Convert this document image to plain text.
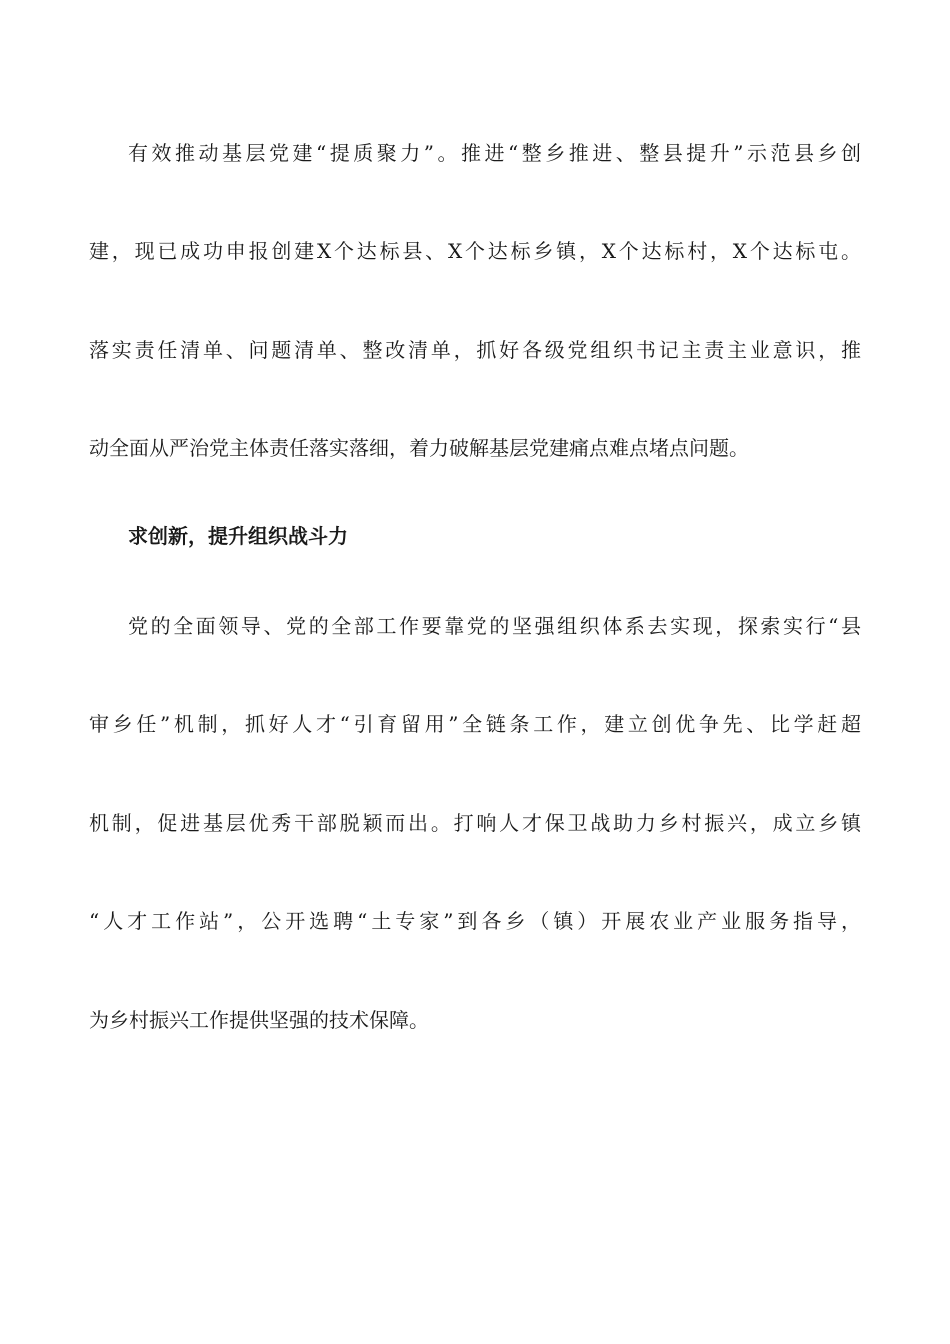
有效推动基层党建“提质聚力”。推进“整乡推进、整县提升”示范县乡创
建，现已成功申报创建X个达标县、X个达标乡镇，X个达标村，X个达标屯。
落实责任清单、问题清单、整改清单，抓好各级党组织书记主责主业意识，推
动全面从严治党主体责任落实落细，着力破解基层党建痛点难点堵点问题。
求创新，提升组织战斗力
党的全面领导、党的全部工作要靠党的坚强组织体系去实现，探索实行“县
审乡任”机制，抓好人才“引育留用”全链条工作，建立创优争先、比学赶超
机制，促进基层优秀干部脱颖而出。打响人才保卫战助力乡村振兴，成立乡镇
“人才工作站”，公开选聘“土专家”到各乡（镇）开展农业产业服务指导，
为乡村振兴工作提供坚强的技术保障。
